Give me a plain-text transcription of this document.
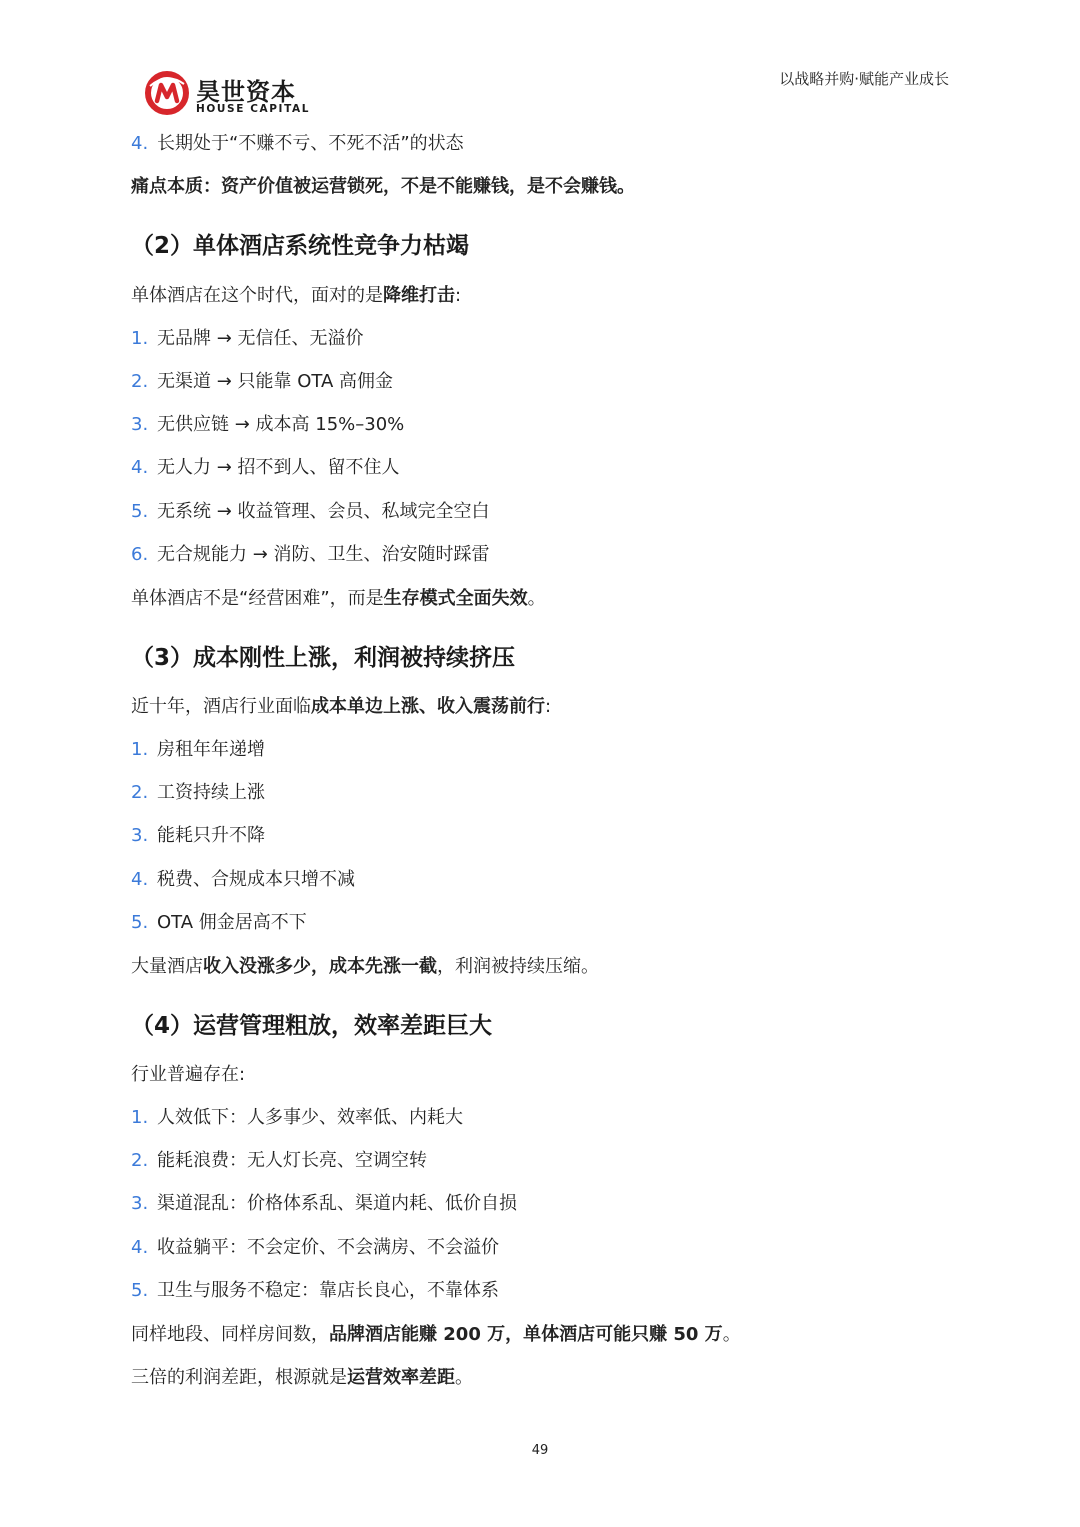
昊世资本
HOUSE CAPITAL
以战略并购·赋能产业成长
4. 长期处于“不赚不亏、不死不活”的状态
痛点本质：资产价值被运营锁死，不是不能赚钱，是不会赚钱。
（2）单体酒店系统性竞争力枯竭
单体酒店在这个时代，面对的是降维打击:
1. 无品牌 → 无信任、无溢价
2. 无渠道 → 只能靠 OTA 高佣金
3. 无供应链 → 成本高 15%–30%
4. 无人力 → 招不到人、留不住人
5. 无系统 → 收益管理、会员、私域完全空白
6. 无合规能力 → 消防、卫生、治安随时踩雷
单体酒店不是“经营困难”，而是生存模式全面失效。
（3）成本刚性上涨，利润被持续挤压
近十年，酒店行业面临成本单边上涨、收入震荡前行:
1. 房租年年递增
2. 工资持续上涨
3. 能耗只升不降
4. 税费、合规成本只增不减
5. OTA 佣金居高不下
大量酒店收入没涨多少，成本先涨一截，利润被持续压缩。
（4）运营管理粗放，效率差距巨大
行业普遍存在:
1. 人效低下：人多事少、效率低、内耗大
2. 能耗浪费：无人灯长亮、空调空转
3. 渠道混乱：价格体系乱、渠道内耗、低价自损
4. 收益躺平：不会定价、不会满房、不会溢价
5. 卫生与服务不稳定：靠店长良心，不靠体系
同样地段、同样房间数，品牌酒店能赚 200 万，单体酒店可能只赚 50 万。
三倍的利润差距，根源就是运营效率差距。
49
